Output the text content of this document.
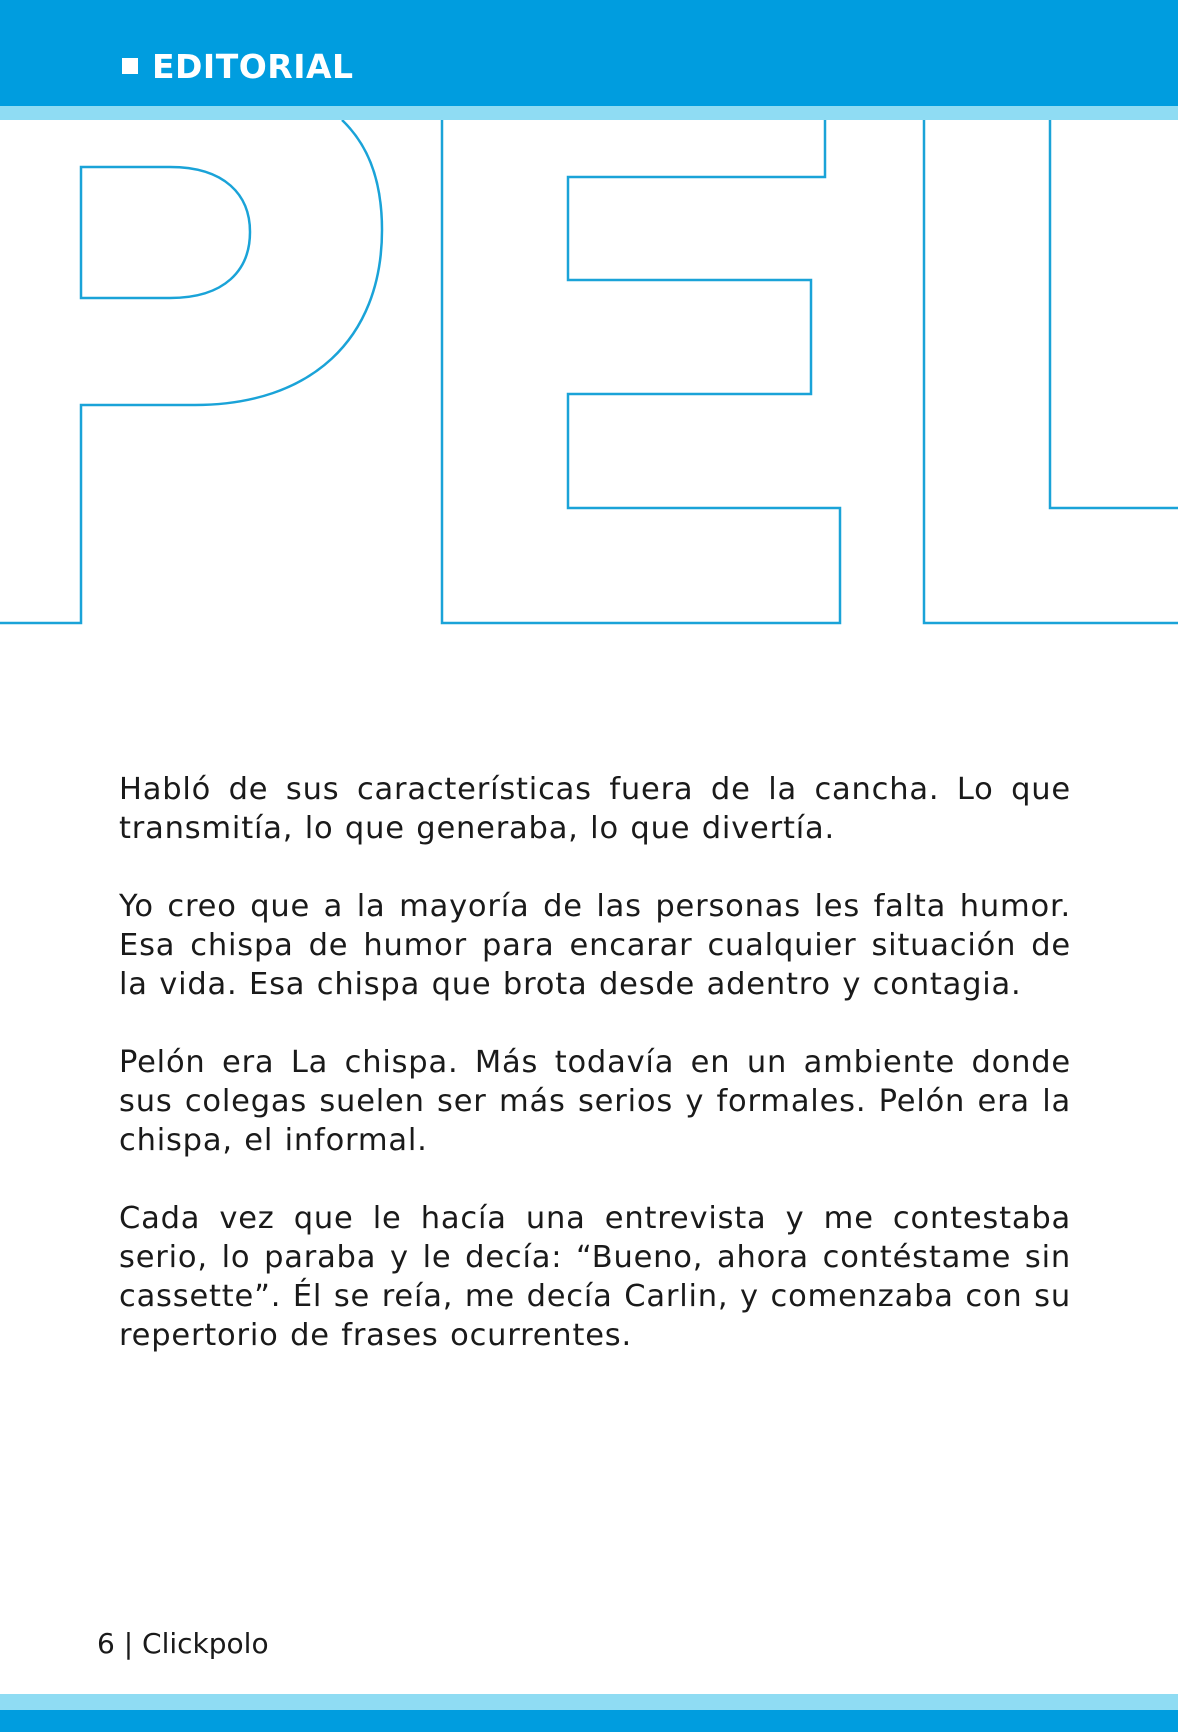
EDITORIAL

Habló de sus características fuera de la cancha. Lo que transmitía, lo que generaba, lo que divertía.

Yo creo que a la mayoría de las personas les falta humor. Esa chispa de humor para encarar cualquier situación de la vida. Esa chispa que brota desde adentro y contagia.

Pelón era La chispa. Más todavía en un ambiente donde sus colegas suelen ser más serios y formales. Pelón era la chispa, el informal.

Cada vez que le hacía una entrevista y me contestaba serio, lo paraba y le decía: “Bueno, ahora contéstame sin cassette”. Él se reía, me decía Carlin, y comenzaba con su repertorio de frases ocurrentes.

6 | Clickpolo
